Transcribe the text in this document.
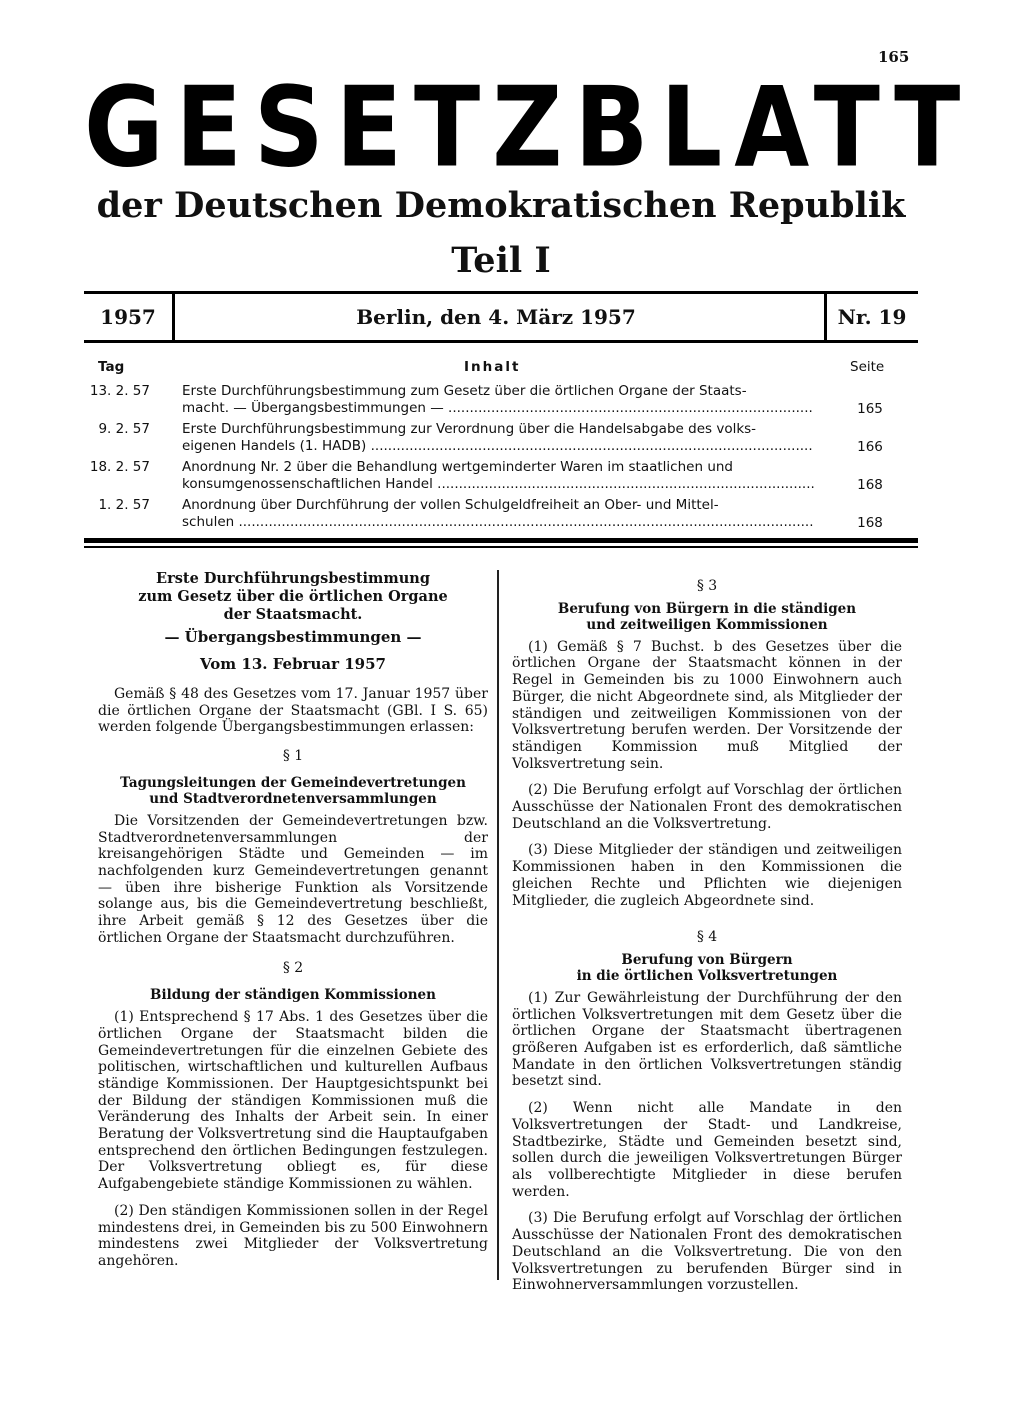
165
GESETZBLATT
der Deutschen Demokratischen Republik
Teil I
1957	Berlin, den 4. März 1957	Nr. 19
Tag	Inhalt	Seite
13. 2. 57 Erste Durchführungsbestimmung zum Gesetz über die örtlichen Organe der Staats-
macht. — Übergangsbestimmungen — .....	165
9. 2. 57 Erste Durchführungsbestimmung zur Verordnung über die Handelsabgabe des volks-
eigenen Handels (1. HADB) .....	166
18. 2. 57 Anordnung Nr. 2 über die Behandlung wertgeminderter Waren im staatlichen und
konsumgenossenschaftlichen Handel .....	168
1. 2. 57 Anordnung über Durchführung der vollen Schulgeldfreiheit an Ober- und Mittel-
schulen .....	168
Erste Durchführungsbestimmung
zum Gesetz über die örtlichen Organe
der Staatsmacht.
— Übergangsbestimmungen —
Vom 13. Februar 1957

Gemäß § 48 des Gesetzes vom 17. Januar 1957 über die örtlichen Organe der Staatsmacht (GBl. I S. 65) werden folgende Übergangsbestimmungen erlassen:

§ 1

Tagungsleitungen der Gemeindevertretungen

und Stadtverordnetenversammlungen

Die Vorsitzenden der Gemeindevertretungen bzw. Stadtverordnetenversammlungen der kreisangehörigen Städte und Gemeinden — im nachfolgenden kurz Gemeindevertretungen genannt — üben ihre bisherige Funktion als Vorsitzende solange aus, bis die Gemeindevertretung beschließt, ihre Arbeit gemäß § 12 des Gesetzes über die örtlichen Organe der Staatsmacht durchzuführen.

§ 2

Bildung der ständigen Kommissionen

(1) Entsprechend § 17 Abs. 1 des Gesetzes über die örtlichen Organe der Staatsmacht bilden die Gemeindevertretungen für die einzelnen Gebiete des politischen, wirtschaftlichen und kulturellen Aufbaus ständige Kommissionen. Der Hauptgesichtspunkt bei der Bildung der ständigen Kommissionen muß die Veränderung des Inhalts der Arbeit sein. In einer Beratung der Volksvertretung sind die Hauptaufgaben entsprechend den örtlichen Bedingungen festzulegen. Der Volksvertretung obliegt es, für diese Aufgabengebiete ständige Kommissionen zu wählen.

(2) Den ständigen Kommissionen sollen in der Regel mindestens drei, in Gemeinden bis zu 500 Einwohnern mindestens zwei Mitglieder der Volksvertretung angehören.

§ 3

Berufung von Bürgern in die ständigen

und zeitweiligen Kommissionen

(1) Gemäß § 7 Buchst. b des Gesetzes über die örtlichen Organe der Staatsmacht können in der Regel in Gemeinden bis zu 1000 Einwohnern auch Bürger, die nicht Abgeordnete sind, als Mitglieder der ständigen und zeitweiligen Kommissionen von der Volksvertretung berufen werden. Der Vorsitzende der ständigen Kommission muß Mitglied der Volksvertretung sein.

(2) Die Berufung erfolgt auf Vorschlag der örtlichen Ausschüsse der Nationalen Front des demokratischen Deutschland an die Volksvertretung.

(3) Diese Mitglieder der ständigen und zeitweiligen Kommissionen haben in den Kommissionen die gleichen Rechte und Pflichten wie diejenigen Mitglieder, die zugleich Abgeordnete sind.

§ 4

Berufung von Bürgern

in die örtlichen Volksvertretungen

(1) Zur Gewährleistung der Durchführung der den örtlichen Volksvertretungen mit dem Gesetz über die örtlichen Organe der Staatsmacht übertragenen größeren Aufgaben ist es erforderlich, daß sämtliche Mandate in den örtlichen Volksvertretungen ständig besetzt sind.

(2) Wenn nicht alle Mandate in den Volksvertretungen der Stadt- und Landkreise, Stadtbezirke, Städte und Gemeinden besetzt sind, sollen durch die jeweiligen Volksvertretungen Bürger als vollberechtigte Mitglieder in diese berufen werden.

(3) Die Berufung erfolgt auf Vorschlag der örtlichen Ausschüsse der Nationalen Front des demokratischen Deutschland an die Volksvertretung. Die von den Volksvertretungen zu berufenden Bürger sind in Einwohnerversammlungen vorzustellen.
